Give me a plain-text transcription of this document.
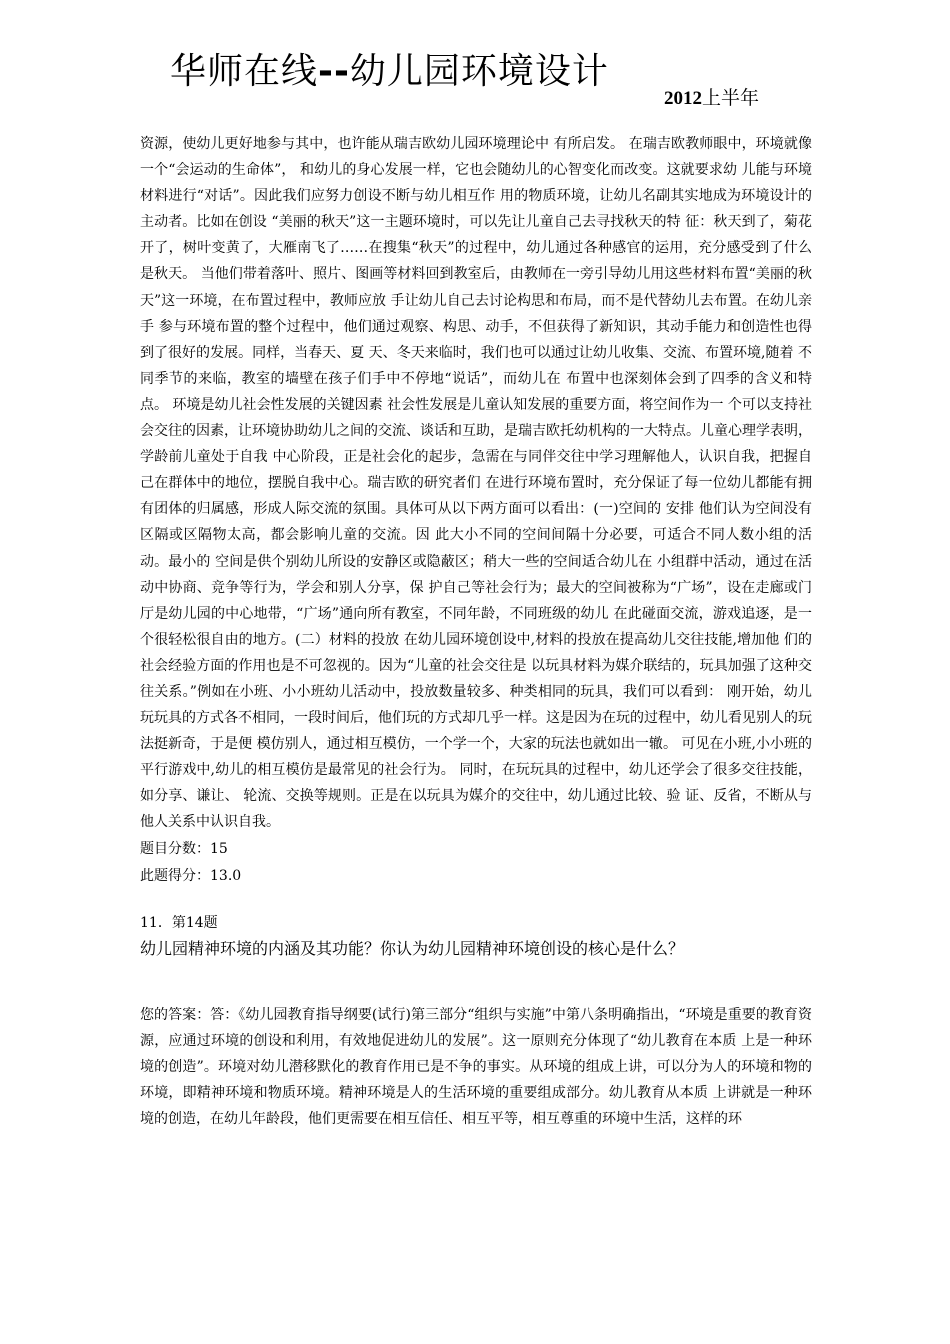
华师在线--幼儿园环境设计
2012上半年

资源，使幼儿更好地参与其中，也许能从瑞吉欧幼儿园环境理论中 有所启发。 在瑞吉欧教师眼中，环境就像一个“会运动的生命体”， 和幼儿的身心发展一样，它也会随幼儿的心智变化而改变。这就要求幼 儿能与环境材料进行“对话”。因此我们应努力创设不断与幼儿相互作 用的物质环境，让幼儿名副其实地成为环境设计的主动者。比如在创设 “美丽的秋天”这一主题环境时，可以先让儿童自己去寻找秋天的特 征：秋天到了，菊花开了，树叶变黄了，大雁南飞了……在搜集“秋天”的过程中，幼儿通过各种感官的运用，充分感受到了什么是秋天。 当他们带着落叶、照片、图画等材料回到教室后，由教师在一旁引导幼儿用这些材料布置“美丽的秋天”这一环境，在布置过程中，教师应放 手让幼儿自己去讨论构思和布局，而不是代替幼儿去布置。在幼儿亲手 参与环境布置的整个过程中，他们通过观察、构思、动手，不但获得了新知识，其动手能力和创造性也得到了很好的发展。同样，当春天、夏 天、冬天来临时，我们也可以通过让幼儿收集、交流、布置环境,随着 不同季节的来临，教室的墙壁在孩子们手中不停地“说话”，而幼儿在 布置中也深刻体会到了四季的含义和特点。 环境是幼儿社会性发展的关键因素 社会性发展是儿童认知发展的重要方面，将空间作为一 个可以支持社会交往的因素，让环境协助幼儿之间的交流、谈话和互助，是瑞吉欧托幼机构的一大特点。儿童心理学表明，学龄前儿童处于自我 中心阶段，正是社会化的起步，急需在与同伴交往中学习理解他人，认识自我，把握自己在群体中的地位，摆脱自我中心。瑞吉欧的研究者们 在进行环境布置时，充分保证了每一位幼儿都能有拥有团体的归属感，形成人际交流的氛围。具体可从以下两方面可以看出：(一)空间的 安排 他们认为空间没有区隔或区隔物太高，都会影响儿童的交流。因 此大小不同的空间间隔十分必要，可适合不同人数小组的活动。最小的 空间是供个别幼儿所设的安静区或隐蔽区；稍大一些的空间适合幼儿在 小组群中活动，通过在活动中协商、竞争等行为，学会和别人分享，保 护自己等社会行为；最大的空间被称为“广场”，设在走廊或门厅是幼儿园的中心地带，“广场”通向所有教室，不同年龄，不同班级的幼儿 在此碰面交流，游戏追逐，是一个很轻松很自由的地方。(二）材料的投放 在幼儿园环境创设中,材料的投放在提高幼儿交往技能,增加他 们的社会经验方面的作用也是不可忽视的。因为“儿童的社会交往是 以玩具材料为媒介联结的，玩具加强了这种交往关系。”例如在小班、小小班幼儿活动中，投放数量较多、种类相同的玩具，我们可以看到： 刚开始，幼儿玩玩具的方式各不相同，一段时间后，他们玩的方式却几乎一样。这是因为在玩的过程中，幼儿看见别人的玩法挺新奇，于是便 模仿别人，通过相互模仿，一个学一个，大家的玩法也就如出一辙。 可见在小班,小小班的平行游戏中,幼儿的相互模仿是最常见的社会行为。 同时，在玩玩具的过程中，幼儿还学会了很多交往技能，如分享、谦让、 轮流、交换等规则。正是在以玩具为媒介的交往中，幼儿通过比较、验 证、反省，不断从与他人关系中认识自我。

题目分数：15

此题得分：13.0

11．第14题

幼儿园精神环境的内涵及其功能？你认为幼儿园精神环境创设的核心是什么？

您的答案：答：《幼儿园教育指导纲要(试行)第三部分“组织与实施”中第八条明确指出，“环境是重要的教育资源，应通过环境的创设和利用，有效地促进幼儿的发展”。这一原则充分体现了“幼儿教育在本质 上是一种环境的创造”。环境对幼儿潜移默化的教育作用已是不争的事实。从环境的组成上讲，可以分为人的环境和物的环境，即精神环境和物质环境。精神环境是人的生活环境的重要组成部分。幼儿教育从本质 上讲就是一种环境的创造，在幼儿年龄段，他们更需要在相互信任、相互平等，相互尊重的环境中生活，这样的环
